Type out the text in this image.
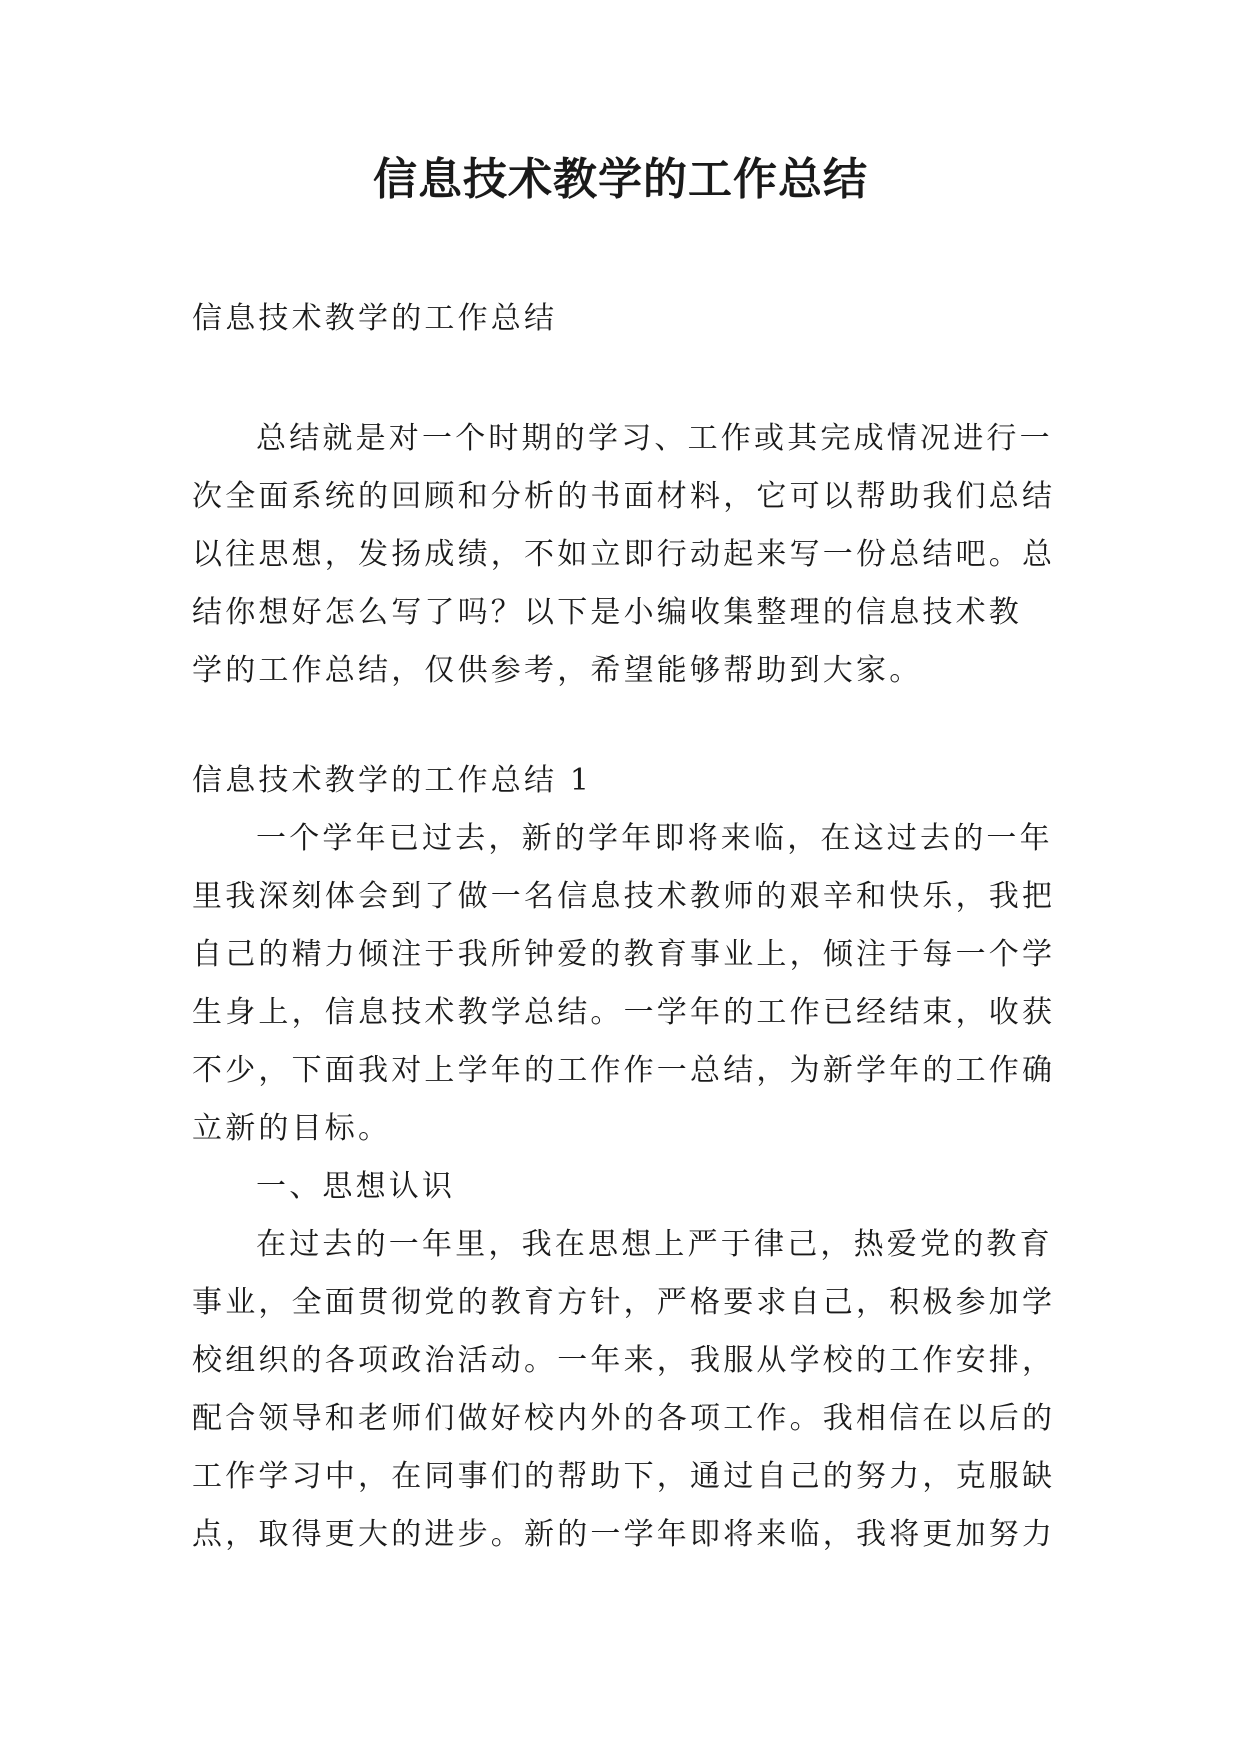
信息技术教学的工作总结

信息技术教学的工作总结

总结就是对一个时期的学习、工作或其完成情况进行一

次全面系统的回顾和分析的书面材料，它可以帮助我们总结

以往思想，发扬成绩，不如立即行动起来写一份总结吧。总

结你想好怎么写了吗？以下是小编收集整理的信息技术教

学的工作总结，仅供参考，希望能够帮助到大家。

信息技术教学的工作总结 1

一个学年已过去，新的学年即将来临，在这过去的一年

里我深刻体会到了做一名信息技术教师的艰辛和快乐，我把

自己的精力倾注于我所钟爱的教育事业上，倾注于每一个学

生身上，信息技术教学总结。一学年的工作已经结束，收获

不少，下面我对上学年的工作作一总结，为新学年的工作确

立新的目标。

一、思想认识

在过去的一年里，我在思想上严于律己，热爱党的教育

事业，全面贯彻党的教育方针，严格要求自己，积极参加学

校组织的各项政治活动。一年来，我服从学校的工作安排，

配合领导和老师们做好校内外的各项工作。我相信在以后的

工作学习中，在同事们的帮助下，通过自己的努力，克服缺

点，取得更大的进步。新的一学年即将来临，我将更加努力
